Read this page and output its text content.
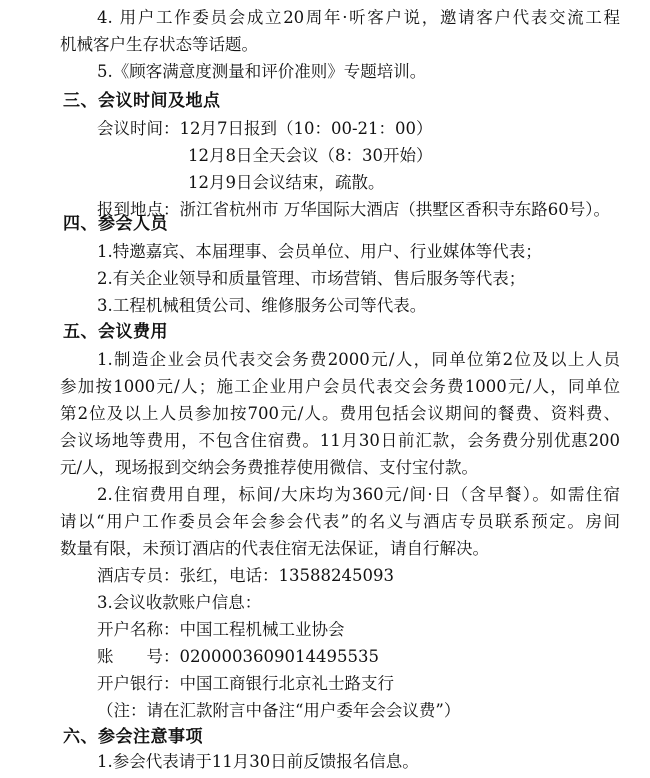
4. 用户工作委员会成立20周年·听客户说，邀请客户代表交流工程
机械客户生存状态等话题。
5.《顾客满意度测量和评价准则》专题培训。
三、会议时间及地点
会议时间：12月7日报到（10：00-21：00）
12月8日全天会议（8：30开始）
12月9日会议结束，疏散。
报到地点：浙江省杭州市 万华国际大酒店（拱墅区香积寺东路60号）。
四、参会人员
1.特邀嘉宾、本届理事、会员单位、用户、行业媒体等代表；
2.有关企业领导和质量管理、市场营销、售后服务等代表；
3.工程机械租赁公司、维修服务公司等代表。
五、会议费用
1.制造企业会员代表交会务费2000元/人，同单位第2位及以上人员
参加按1000元/人；施工企业用户会员代表交会务费1000元/人，同单位
第2位及以上人员参加按700元/人。费用包括会议期间的餐费、资料费、
会议场地等费用，不包含住宿费。11月30日前汇款，会务费分别优惠200
元/人，现场报到交纳会务费推荐使用微信、支付宝付款。
2.住宿费用自理，标间/大床均为360元/间·日（含早餐）。如需住宿
请以“用户工作委员会年会参会代表”的名义与酒店专员联系预定。房间
数量有限，未预订酒店的代表住宿无法保证，请自行解决。
酒店专员：张红，电话：13588245093
3.会议收款账户信息：
开户名称：中国工程机械工业协会
账　　号：0200003609014495535
开户银行：中国工商银行北京礼士路支行
（注：请在汇款附言中备注“用户委年会会议费”）
六、参会注意事项
1.参会代表请于11月30日前反馈报名信息。
